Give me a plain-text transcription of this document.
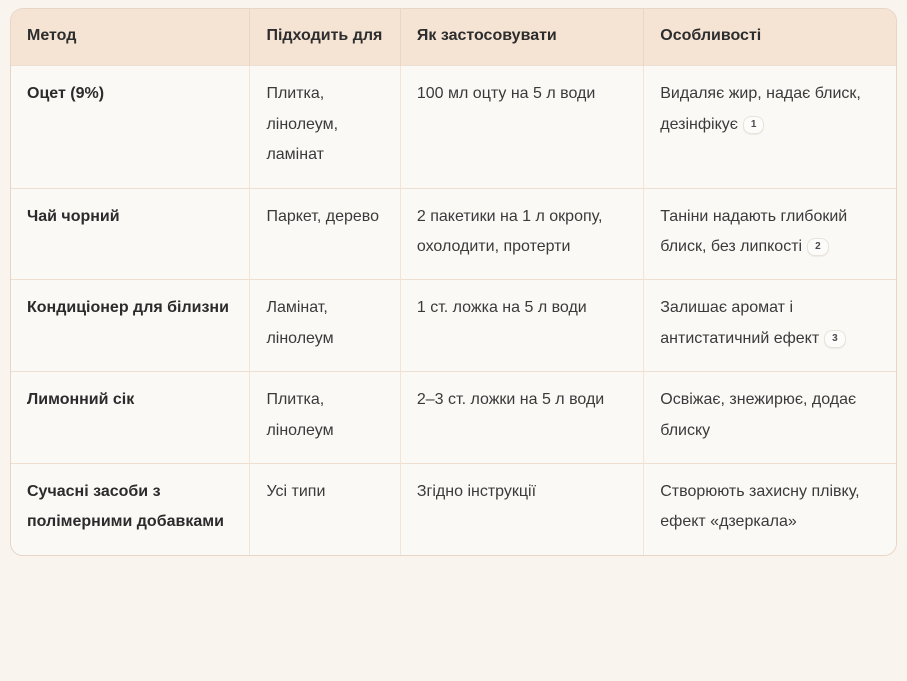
Метод	Підходить для	Як застосовувати	Особливості
Оцет (9%)	Плитка, лінолеум, ламінат	100 мл оцту на 5 л води	Видаляє жир, надає блиск, дезінфікує 1
Чай чорний	Паркет, дерево	2 пакетики на 1 л окропу, охолодити, протерти	Таніни надають глибокий блиск, без липкості 2
Кондиціонер для білизни	Ламінат, лінолеум	1 ст. ложка на 5 л води	Залишає аромат і антистатичний ефект 3
Лимонний сік	Плитка, лінолеум	2–3 ст. ложки на 5 л води	Освіжає, знежирює, додає блиску
Сучасні засоби з полімерними добавками	Усі типи	Згідно інструкції	Створюють захисну плівку, ефект «дзеркала»
